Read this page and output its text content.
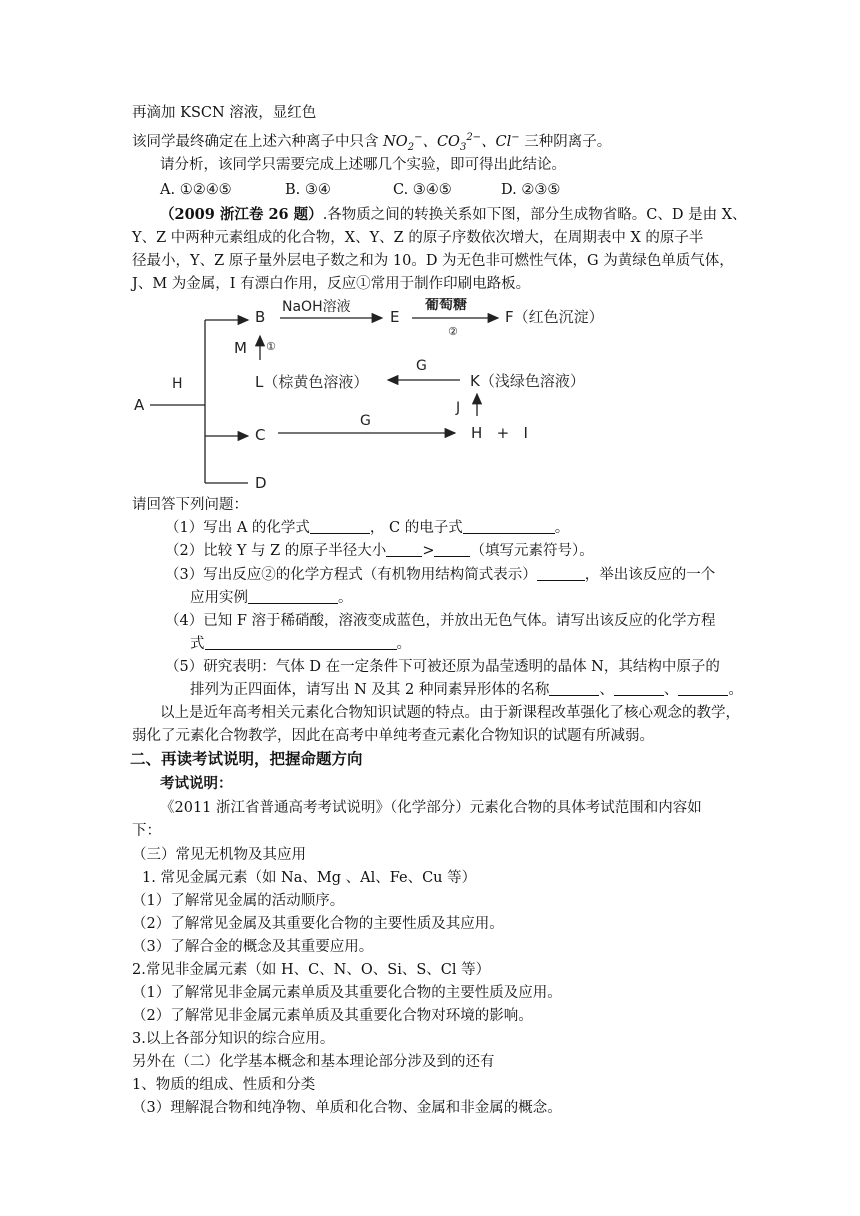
再滴加 KSCN 溶液，显红色
该同学最终确定在上述六种离子中只含 $NO_2^-$、$CO_3^{2-}$、Cl− 三种阴离子。
请分析，该同学只需要完成上述哪几个实验，即可得出此结论。
A. ①②④⑤	B. ③④	C. ③④⑤	D. ②③⑤
（2009 浙江卷 26 题）.各物质之间的转换关系如下图，部分生成物省略。C、D 是由 X、
Y、Z 中两种元素组成的化合物，X、Y、Z 的原子序数依次增大，在周期表中 X 的原子半
径最小，Y、Z 原子量外层电子数之和为 10。D 为无色非可燃性气体，G 为黄绿色单质气体，
J、M 为金属，I 有漂白作用，反应①常用于制作印刷电路板。
A
H
B
NaOH溶液
E
葡萄糖
②
F（红色沉淀）
M ①
L（棕黄色溶液）
G
K（浅绿色溶液）
J
C
G
H   +   I
D
请回答下列问题：
（1）写出 A 的化学式	， C 的电子式	。
（2）比较 Y 与 Z 的原子半径大小 > （填写元素符号）。
（3）写出反应②的化学方程式（有机物用结构简式表示）	，举出该反应的一个
应用实例	。
（4）已知 F 溶于稀硝酸，溶液变成蓝色，并放出无色气体。请写出该反应的化学方程
式	。
（5）研究表明：气体 D 在一定条件下可被还原为晶莹透明的晶体 N，其结构中原子的
排列为正四面体，请写出 N 及其 2 种同素异形体的名称	、	、	。
以上是近年高考相关元素化合物知识试题的特点。由于新课程改革强化了核心观念的教学，
弱化了元素化合物教学，因此在高考中单纯考查元素化合物知识的试题有所减弱。
二、再读考试说明，把握命题方向
考试说明：
《2011 浙江省普通高考考试说明》（化学部分）元素化合物的具体考试范围和内容如
下：
（三）常见无机物及其应用
1. 常见金属元素（如 Na、Mg 、Al、Fe、Cu 等）
（1）了解常见金属的活动顺序。
（2）了解常见金属及其重要化合物的主要性质及其应用。
（3）了解合金的概念及其重要应用。
2.常见非金属元素（如 H、C、N、O、Si、S、Cl 等）
（1）了解常见非金属元素单质及其重要化合物的主要性质及应用。
（2）了解常见非金属元素单质及其重要化合物对环境的影响。
3.以上各部分知识的综合应用。
另外在（二）化学基本概念和基本理论部分涉及到的还有
1、物质的组成、性质和分类
（3）理解混合物和纯净物、单质和化合物、金属和非金属的概念。
